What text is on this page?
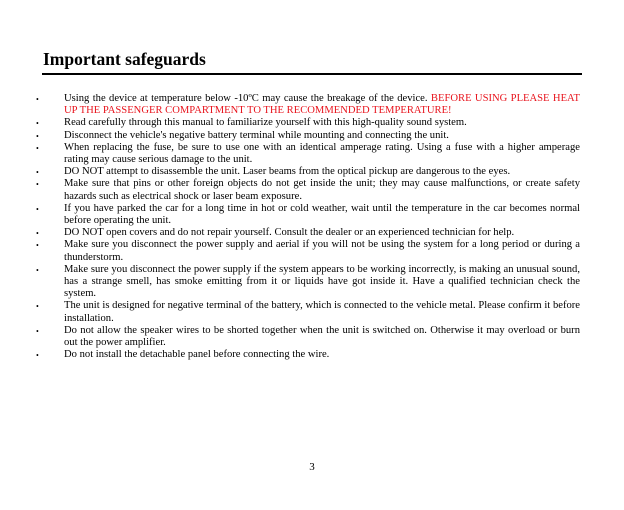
Important safeguards
• Using the device at temperature below -10ºC may cause the breakage of the device. BEFORE USING PLEASE HEAT UP THE PASSENGER COMPARTMENT TO THE RECOMMENDED TEMPERATURE!
• Read carefully through this manual to familiarize yourself with this high-quality sound system.
• Disconnect the vehicle's negative battery terminal while mounting and connecting the unit.
• When replacing the fuse, be sure to use one with an identical amperage rating. Using a fuse with a higher amperage rating may cause serious damage to the unit.
• DO NOT attempt to disassemble the unit. Laser beams from the optical pickup are dangerous to the eyes.
• Make sure that pins or other foreign objects do not get inside the unit; they may cause malfunctions, or create safety hazards such as electrical shock or laser beam exposure.
• If you have parked the car for a long time in hot or cold weather, wait until the temperature in the car becomes normal before operating the unit.
• DO NOT open covers and do not repair yourself. Consult the dealer or an experienced technician for help.
• Make sure you disconnect the power supply and aerial if you will not be using the system for a long period or during a thunderstorm.
• Make sure you disconnect the power supply if the system appears to be working incorrectly, is making an unusual sound, has a strange smell, has smoke emitting from it or liquids have got inside it. Have a qualified technician check the system.
• The unit is designed for negative terminal of the battery, which is connected to the vehicle metal. Please confirm it before installation.
• Do not allow the speaker wires to be shorted together when the unit is switched on. Otherwise it may overload or burn out the power amplifier.
• Do not install the detachable panel before connecting the wire.
3
